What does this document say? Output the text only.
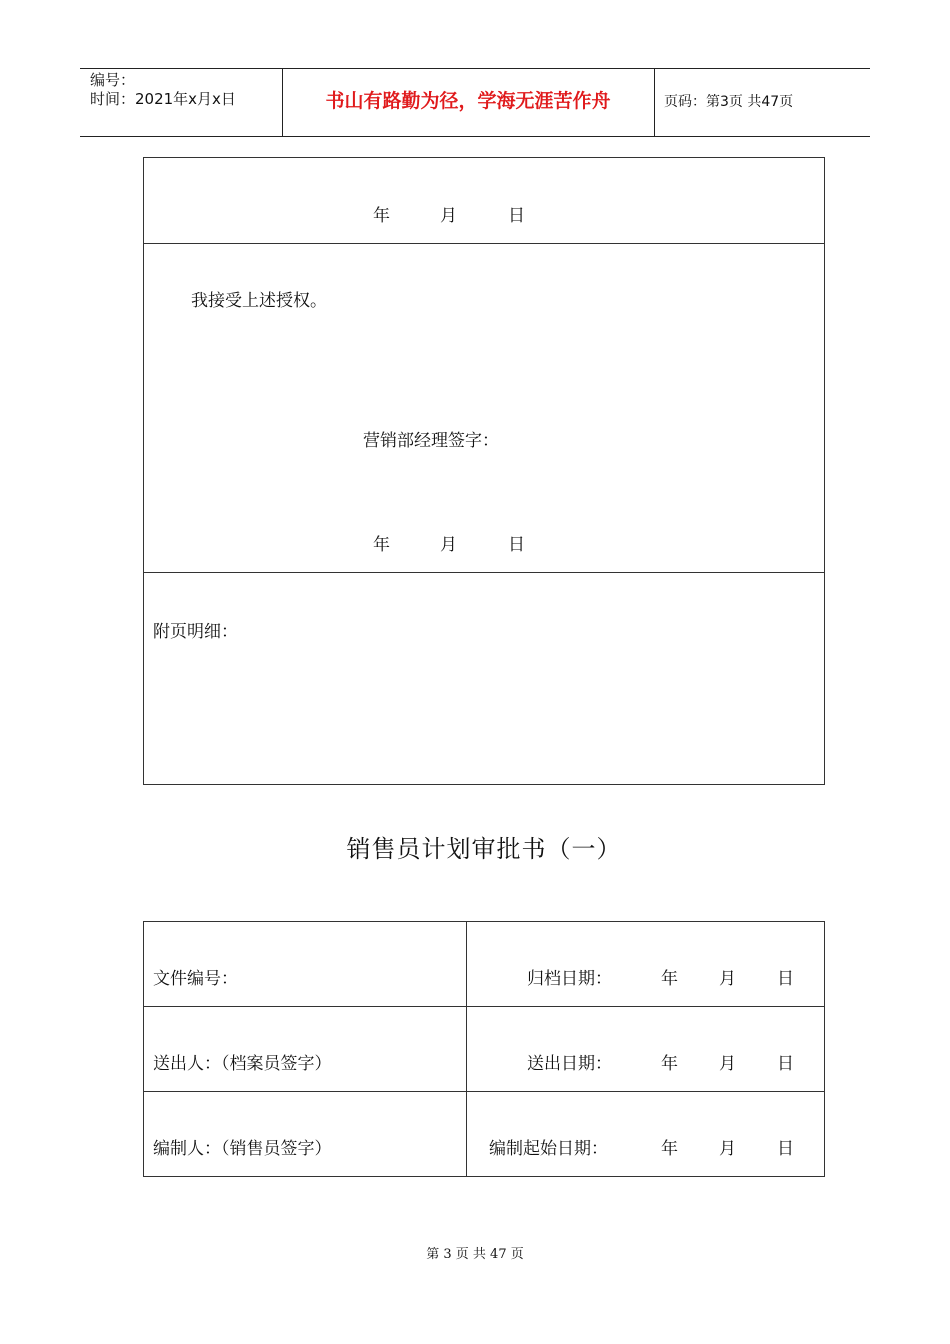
编号：
时间：2021年x月x日	书山有路勤为径，学海无涯苦作舟	页码：第3页 共47页
年	月	日
我接受上述授权。
营销部经理签字：
年	月	日
附页明细：
销售员计划审批书（一）
文件编号：	归档日期：	年 月 日
送出人：（档案员签字）	送出日期：	年 月 日
编制人：（销售员签字）	编制起始日期：	年 月 日
第 3 页 共 47 页
